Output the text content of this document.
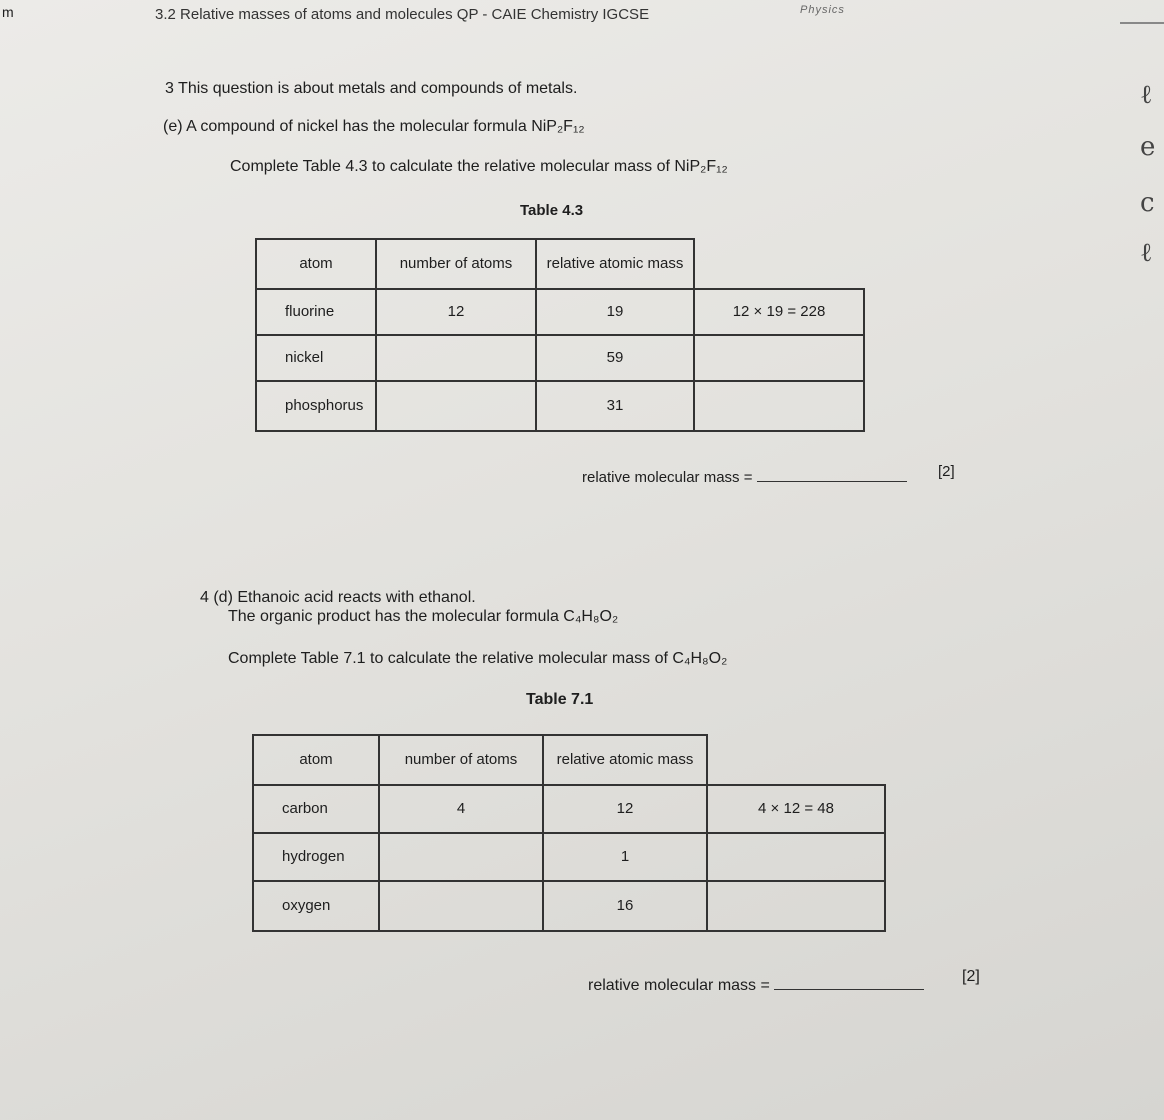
m	3.2 Relative masses of atoms and molecules QP - CAIE Chemistry IGCSE	Physics
ℓ
e
c
ℓ
3 This question is about metals and compounds of metals.
(e) A compound of nickel has the molecular formula NiP₂F₁₂
Complete Table 4.3 to calculate the relative molecular mass of NiP₂F₁₂
Table 4.3
atom	number of atoms	relative atomic mass	
fluorine	12	19	12 × 19 = 228
nickel		59	
phosphorus		31	
relative molecular mass =	[2]
4 (d) Ethanoic acid reacts with ethanol.
The organic product has the molecular formula C₄H₈O₂
Complete Table 7.1 to calculate the relative molecular mass of C₄H₈O₂
Table 7.1
atom	number of atoms	relative atomic mass	
carbon	4	12	4 × 12 = 48
hydrogen		1	
oxygen		16	
relative molecular mass =
[2]
